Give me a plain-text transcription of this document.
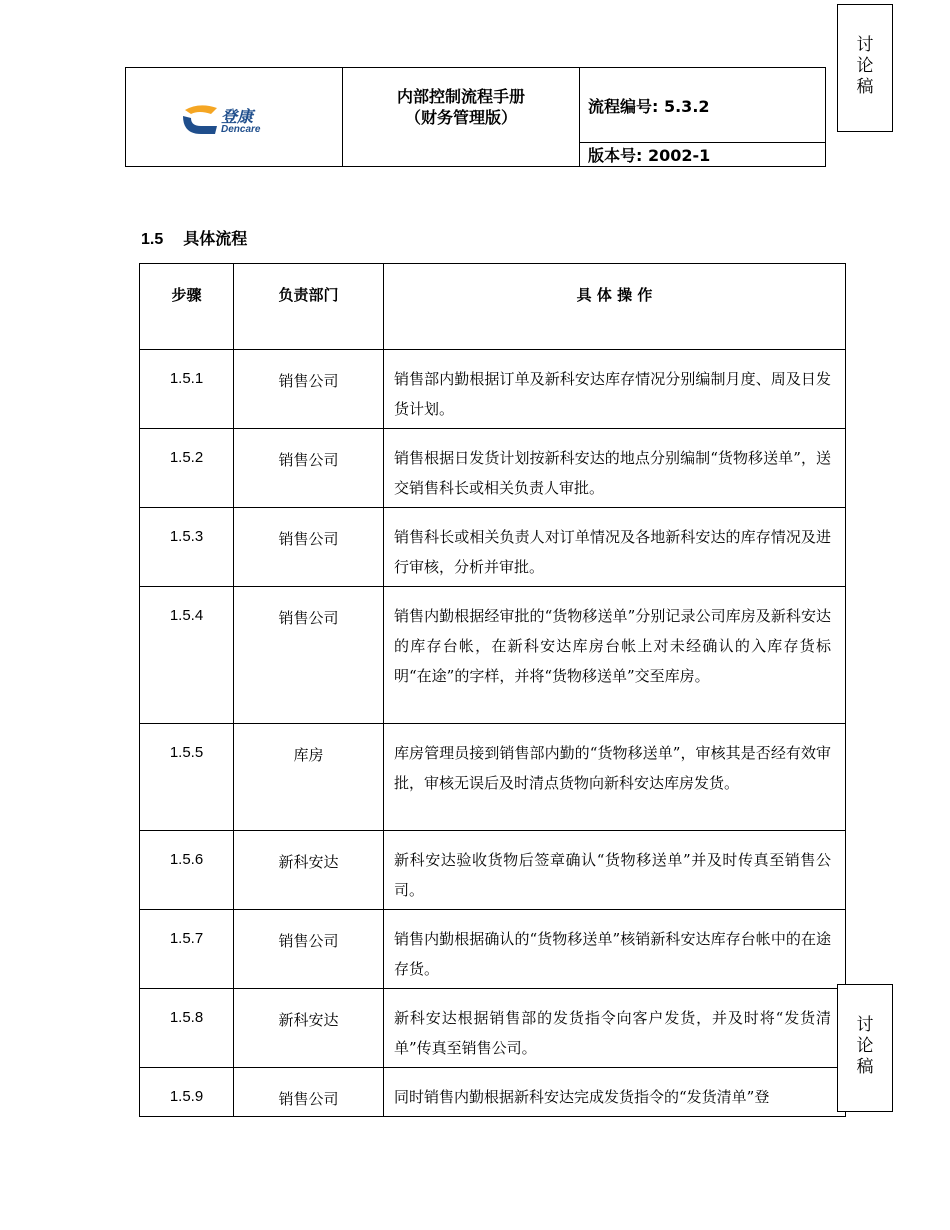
讨
论
稿
登康
Dencare

内部控制流程手册
（财务管理版）
	流程编号: 5.3.2
版本号: 2002-1
1.5 具体流程
步骤	负责部门	具 体 操 作
1.5.1	销售公司	销售部内勤根据订单及新科安达库存情况分别编制月度、周及日发货计划。
1.5.2	销售公司	销售根据日发货计划按新科安达的地点分别编制“货物移送单”，送交销售科长或相关负责人审批。
1.5.3	销售公司	销售科长或相关负责人对订单情况及各地新科安达的库存情况及进行审核，分析并审批。
1.5.4	销售公司	销售内勤根据经审批的“货物移送单”分别记录公司库房及新科安达的库存台帐，在新科安达库房台帐上对未经确认的入库存货标明“在途”的字样，并将“货物移送单”交至库房。
1.5.5	库房	库房管理员接到销售部内勤的“货物移送单”，审核其是否经有效审批，审核无误后及时清点货物向新科安达库房发货。
1.5.6	新科安达	新科安达验收货物后签章确认“货物移送单”并及时传真至销售公司。
1.5.7	销售公司	销售内勤根据确认的“货物移送单”核销新科安达库存台帐中的在途存货。
1.5.8	新科安达	新科安达根据销售部的发货指令向客户发货，并及时将“发货清单”传真至销售公司。
1.5.9	销售公司	同时销售内勤根据新科安达完成发货指令的“发货清单”登
讨
论
稿
